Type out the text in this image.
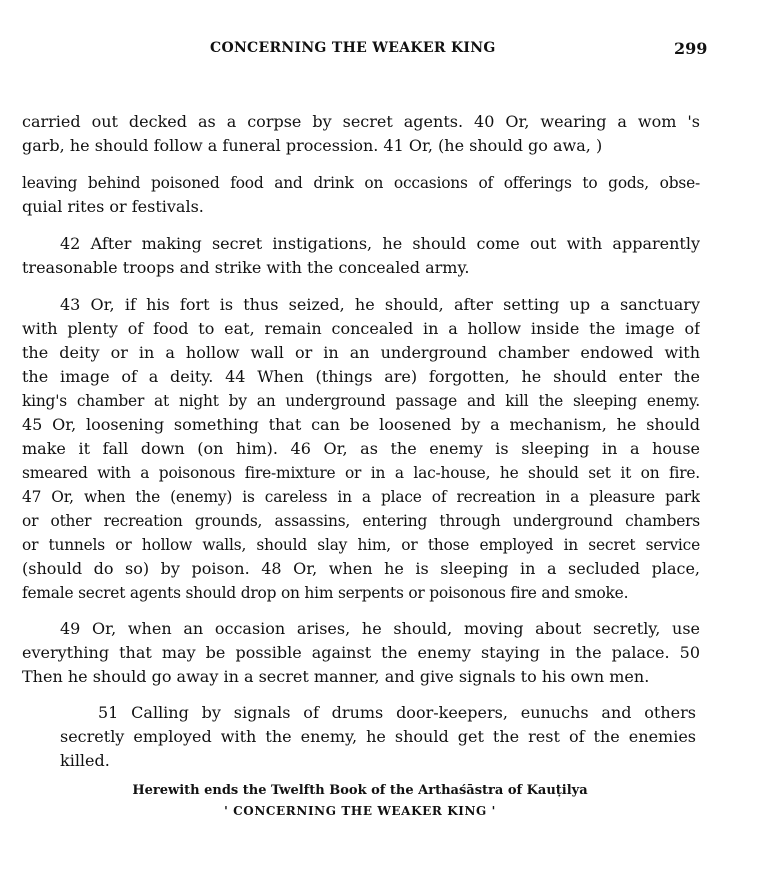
CONCERNING THE WEAKER KING	299
carried out decked as a corpse by secret agents. 40 Or, wearing a wom 's
garb, he should follow a funeral procession. 41 Or, (he should go awa, )
leaving behind poisoned food and drink on occasions of offerings to gods, obse-
quial rites or festivals.
42 After making secret instigations, he should come out with apparently
treasonable troops and strike with the concealed army.
43 Or, if his fort is thus seized, he should, after setting up a sanctuary
with plenty of food to eat, remain concealed in a hollow inside the image of
the deity or in a hollow wall or in an underground chamber endowed with
the image of a deity. 44 When (things are) forgotten, he should enter the
king's chamber at night by an underground passage and kill the sleeping enemy.
45 Or, loosening something that can be loosened by a mechanism, he should
make it fall down (on him). 46 Or, as the enemy is sleeping in a house
smeared with a poisonous fire-mixture or in a lac-house, he should set it on fire.
47 Or, when the (enemy) is careless in a place of recreation in a pleasure park
or other recreation grounds, assassins, entering through underground chambers
or tunnels or hollow walls, should slay him, or those employed in secret service
(should do so) by poison. 48 Or, when he is sleeping in a secluded place,
female secret agents should drop on him serpents or poisonous fire and smoke.
49 Or, when an occasion arises, he should, moving about secretly, use
everything that may be possible against the enemy staying in the palace. 50
Then he should go away in a secret manner, and give signals to his own men.
51 Calling by signals of drums door-keepers, eunuchs and others
secretly employed with the enemy, he should get the rest of the enemies
killed.
Herewith ends the Twelfth Book of the Arthaśāstra of Kauṭilya
' CONCERNING THE WEAKER KING '
